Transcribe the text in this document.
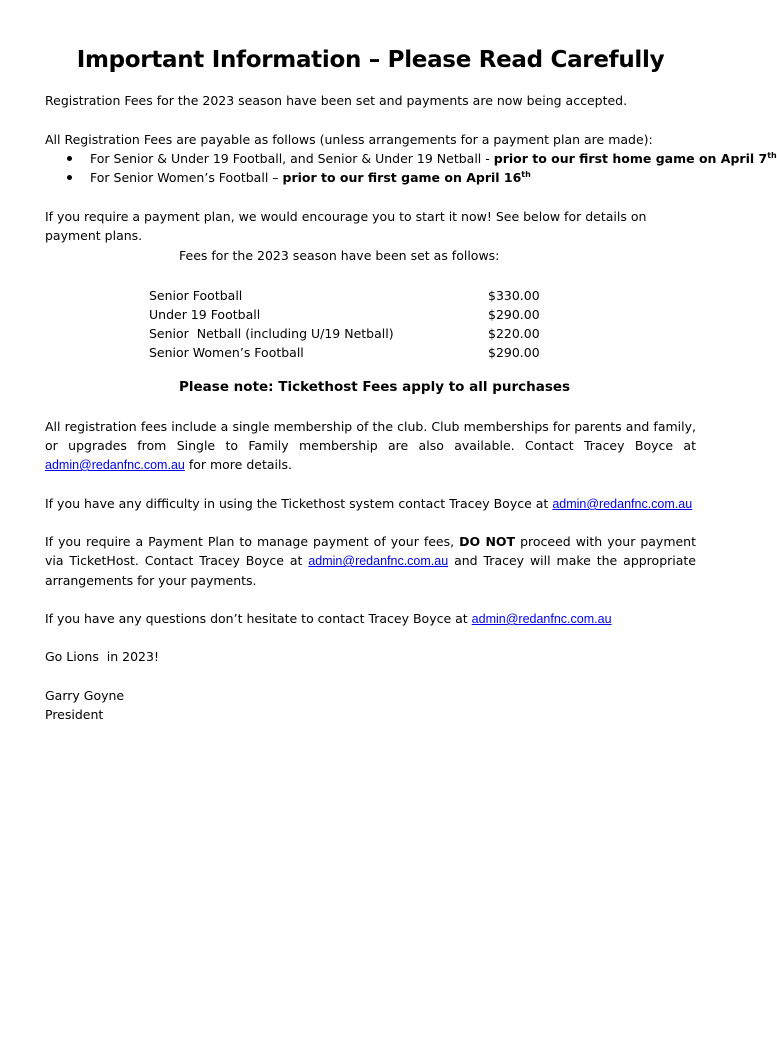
Important Information – Please Read Carefully

Registration Fees for the 2023 season have been set and payments are now being accepted.

All Registration Fees are payable as follows (unless arrangements for a payment plan are made):

For Senior & Under 19 Football, and Senior & Under 19 Netball - prior to our first home game on April 7th
For Senior Women’s Football – prior to our first game on April 16th

If you require a payment plan, we would encourage you to start it now! See below for details on payment plans.

Fees for the 2023 season have been set as follows:
Senior Football	$330.00
Under 19 Football	$290.00
Senior  Netball (including U/19 Netball)	$220.00
Senior Women’s Football	$290.00
Please note: Tickethost Fees apply to all purchases

All registration fees include a single membership of the club. Club memberships for parents and family, or upgrades from Single to Family membership are also available. Contact Tracey Boyce at admin@redanfnc.com.au for more details.

If you have any difficulty in using the Tickethost system contact Tracey Boyce at admin@redanfnc.com.au

If you require a Payment Plan to manage payment of your fees, DO NOT proceed with your payment via TicketHost. Contact Tracey Boyce at admin@redanfnc.com.au and Tracey will make the appropriate arrangements for your payments.

If you have any questions don’t hesitate to contact Tracey Boyce at admin@redanfnc.com.au

Go Lions  in 2023!

Garry Goyne

President
